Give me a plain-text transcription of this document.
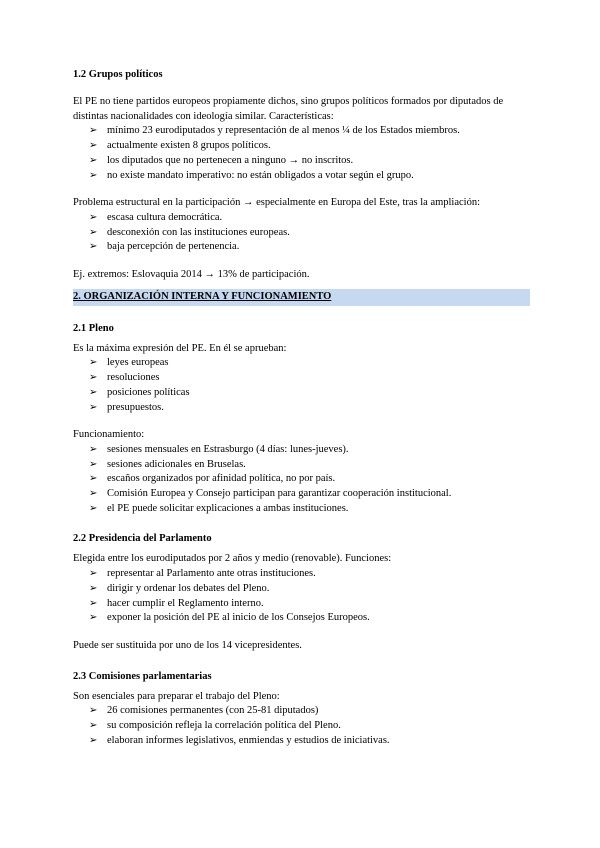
1.2 Grupos políticos

El PE no tiene partidos europeos propiamente dichos, sino grupos políticos formados por diputados de distintas nacionalidades con ideología similar. Características:

➢ mínimo 23 eurodiputados y representación de al menos ¼ de los Estados miembros.
➢ actualmente existen 8 grupos políticos.
➢ los diputados que no pertenecen a ninguno → no inscritos.
➢ no existe mandato imperativo: no están obligados a votar según el grupo.

Problema estructural en la participación → especialmente en Europa del Este, tras la ampliación:

➢ escasa cultura democrática.
➢ desconexión con las instituciones europeas.
➢ baja percepción de pertenencia.

Ej. extremos: Eslovaquia 2014 → 13% de participación.

2. ORGANIZACIÓN INTERNA Y FUNCIONAMIENTO
2.1 Pleno

Es la máxima expresión del PE. En él se aprueban:

➢ leyes europeas
➢ resoluciones
➢ posiciones políticas
➢ presupuestos.

Funcionamiento:

➢ sesiones mensuales en Estrasburgo (4 días: lunes-jueves).
➢ sesiones adicionales en Bruselas.
➢ escaños organizados por afinidad política, no por país.
➢ Comisión Europea y Consejo participan para garantizar cooperación institucional.
➢ el PE puede solicitar explicaciones a ambas instituciones.
2.2 Presidencia del Parlamento

Elegida entre los eurodiputados por 2 años y medio (renovable). Funciones:

➢ representar al Parlamento ante otras instituciones.
➢ dirigir y ordenar los debates del Pleno.
➢ hacer cumplir el Reglamento interno.
➢ exponer la posición del PE al inicio de los Consejos Europeos.

Puede ser sustituida por uno de los 14 vicepresidentes.

2.3 Comisiones parlamentarias

Son esenciales para preparar el trabajo del Pleno:

➢ 26 comisiones permanentes (con 25-81 diputados)
➢ su composición refleja la correlación política del Pleno.
➢ elaboran informes legislativos, enmiendas y estudios de iniciativas.
